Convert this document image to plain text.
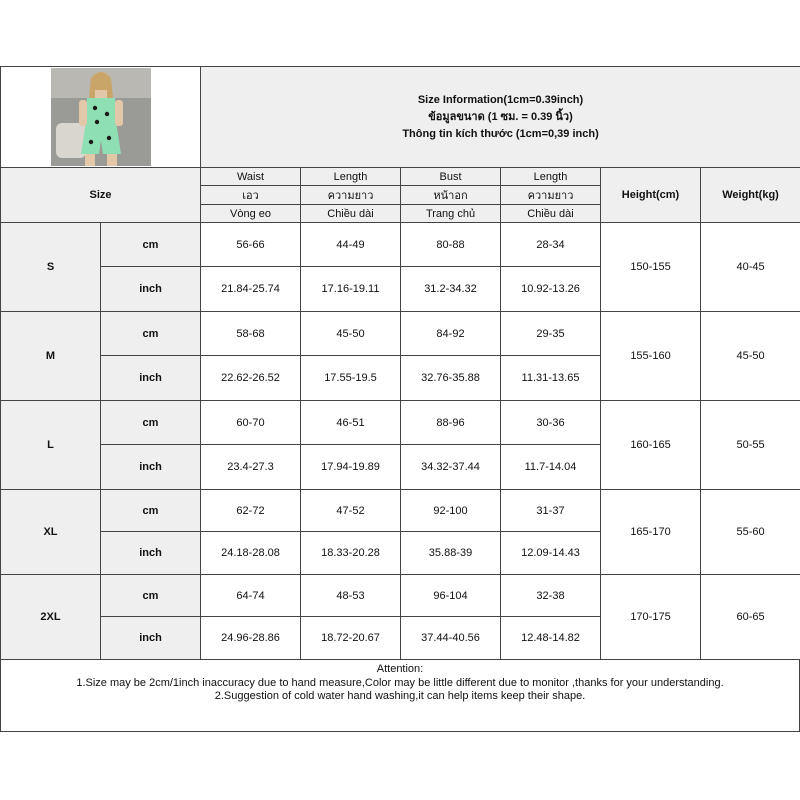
Size Information(1cm=0.39inch)
ข้อมูลขนาด (1 ซม. = 0.39 นิ้ว)
Thông tin kích thước (1cm=0,39 inch)					

Size		Waist	Length	Bust	Length	Height(cm)	Weight(kg)
		เอว	ความยาว	หน้าอก	ความยาว		
		Vòng eo	Chiều dài	Trang chủ	Chiều dài		
S	cm	56-66	44-49	80-88	28-34	150-155	40-45
	inch	21.84-25.74	17.16-19.11	31.2-34.32	10.92-13.26		
M	cm	58-68	45-50	84-92	29-35	155-160	45-50
	inch	22.62-26.52	17.55-19.5	32.76-35.88	11.31-13.65		
L	cm	60-70	46-51	88-96	30-36	160-165	50-55
	inch	23.4-27.3	17.94-19.89	34.32-37.44	11.7-14.04		
XL	cm	62-72	47-52	92-100	31-37	165-170	55-60
	inch	24.18-28.08	18.33-20.28	35.88-39	12.09-14.43		
2XL	cm	64-74	48-53	96-104	32-38	170-175	60-65
	inch	24.96-28.86	18.72-20.67	37.44-40.56	12.48-14.82		
Attention:
1.Size may be 2cm/1inch inaccuracy due to hand measure,Color may be little different due to monitor ,thanks for your understanding.
2.Suggestion of cold water hand washing,it can help items keep their shape.
